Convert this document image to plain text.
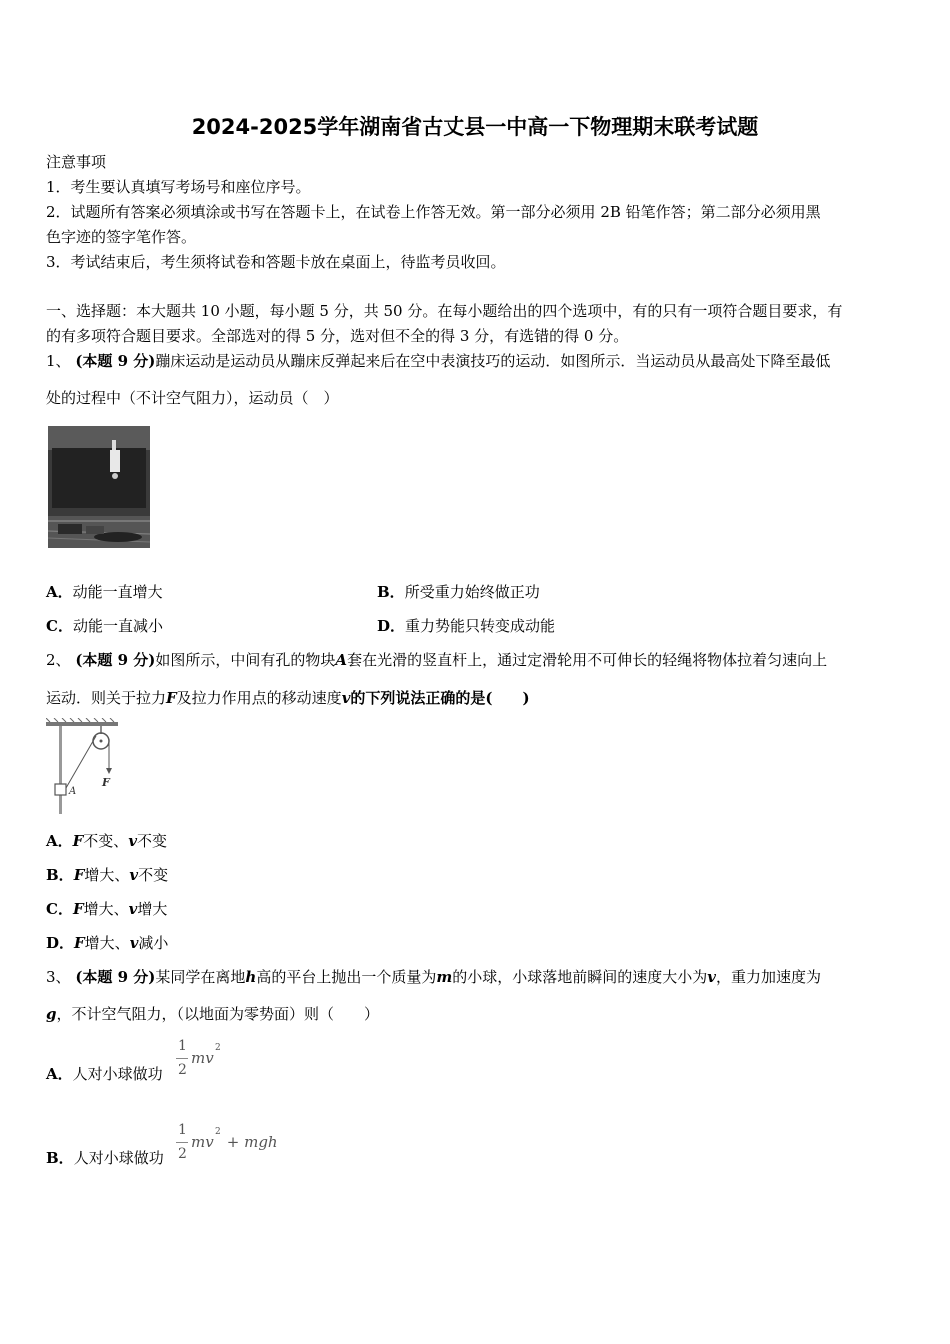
2024-2025学年湖南省古丈县一中高一下物理期末联考试题
注意事项
1．考生要认真填写考场号和座位序号。
2．试题所有答案必须填涂或书写在答题卡上，在试卷上作答无效。第一部分必须用 2B 铅笔作答；第二部分必须用黑
色字迹的签字笔作答。
3．考试结束后，考生须将试卷和答题卡放在桌面上，待监考员收回。
一、选择题：本大题共 10 小题，每小题 5 分，共 50 分。在每小题给出的四个选项中，有的只有一项符合题目要求，有
的有多项符合题目要求。全部选对的得 5 分，选对但不全的得 3 分，有选错的得 0 分。
1、 (本题 9 分)蹦床运动是运动员从蹦床反弹起来后在空中表演技巧的运动．如图所示．当运动员从最高处下降至最低
处的过程中（不计空气阻力），运动员（　）
A．动能一直增大	B．所受重力始终做正功
C．动能一直减小	D．重力势能只转变成动能
2、 (本题 9 分)如图所示，中间有孔的物块A套在光滑的竖直杆上，通过定滑轮用不可伸长的轻绳将物体拉着匀速向上
运动．则关于拉力F及拉力作用点的移动速度v的下列说法正确的是(　　)
F
A
A．F不变、v不变
B．F增大、v不变
C．F增大、v增大
D．F增大、v减小
3、 (本题 9 分)某同学在离地h高的平台上抛出一个质量为m的小球，小球落地前瞬间的速度大小为v，重力加速度为
g，不计空气阻力，（以地面为零势面）则（　　）
A．人对小球做功
1
2
mv
2
B．人对小球做功
1
2
mv
2
+ mgh
